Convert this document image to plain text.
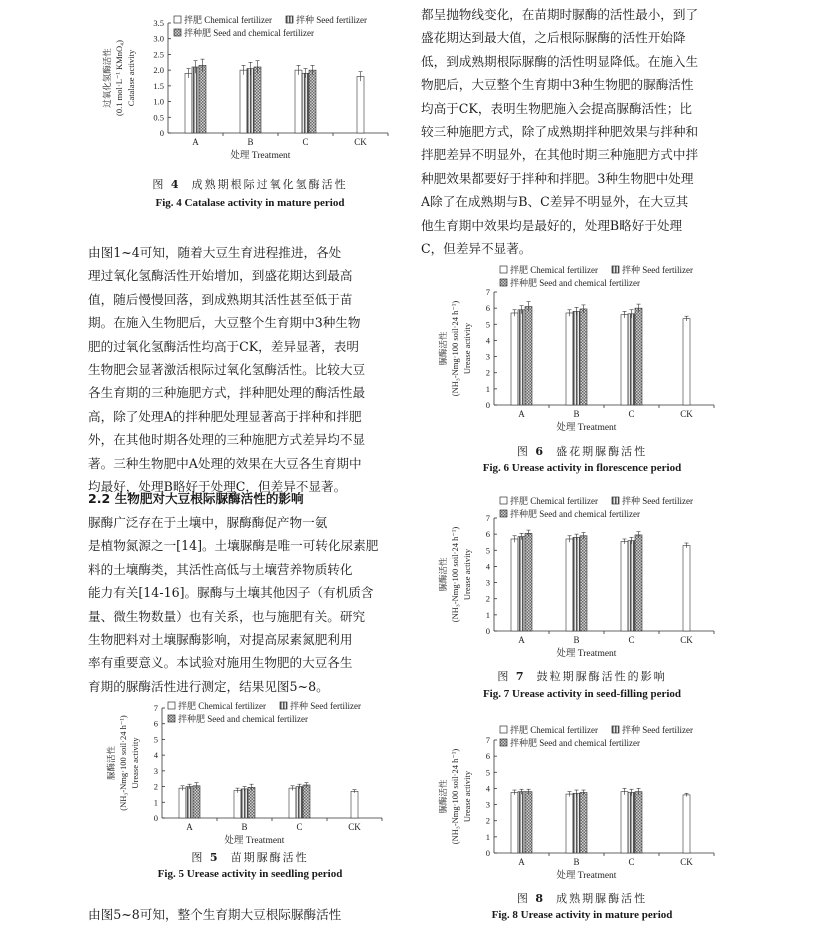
拌肥 Chemical fertilizer	拌种 Seed fertilizer
拌种肥 Seed and chemical fertilizer
0
0.5
1.0
1.5
2.0
2.5
3.0
3.5
A	B	C	CK
处理 Treatment
过氧化氢酶活性 (0.1 mol·L⁻¹ KMnO₄) Catalase activity
图 4 成熟期根际过氧化氢酶活性
Fig. 4 Catalase activity in mature period
由图1~4可知，随着大豆生育进程推进，各处
理过氧化氢酶活性开始增加，到盛花期达到最高
值，随后慢慢回落，到成熟期其活性甚至低于苗
期。在施入生物肥后，大豆整个生育期中3种生物
肥的过氧化氢酶活性均高于CK，差异显著，表明
生物肥会显著激活根际过氧化氢酶活性。比较大豆
各生育期的三种施肥方式，拌种肥处理的酶活性最
高，除了处理A的拌种肥处理显著高于拌种和拌肥
外，在其他时期各处理的三种施肥方式差异均不显
著。三种生物肥中A处理的效果在大豆各生育期中
均最好，处理B略好于处理C，但差异不显著。
2.2 生物肥对大豆根际脲酶活性的影响
脲酶广泛存在于土壤中，脲酶酶促产物一氨
是植物氮源之一[14]。土壤脲酶是唯一可转化尿素肥
料的土壤酶类，其活性高低与土壤营养物质转化
能力有关[14-16]。脲酶与土壤其他因子（有机质含
量、微生物数量）也有关系，也与施肥有关。研究
生物肥料对土壤脲酶影响，对提高尿素氮肥利用
率有重要意义。本试验对施用生物肥的大豆各生
育期的脲酶活性进行测定，结果见图5~8。
拌肥 Chemical fertilizer	拌种 Seed fertilizer
拌种肥 Seed and chemical fertilizer
0
1
2
3
4
5
6
7
A	B	C	CK
处理 Treatment
脲酶活性 (NH₃-Nmg·100 soil·24 h⁻¹) Urease activity
图 5 苗期脲酶活性
Fig. 5 Urease activity in seedling period
由图5~8可知，整个生育期大豆根际脲酶活性
都呈抛物线变化，在苗期时脲酶的活性最小，到了
盛花期达到最大值，之后根际脲酶的活性开始降
低，到成熟期根际脲酶的活性明显降低。在施入生
物肥后，大豆整个生育期中3种生物肥的脲酶活性
均高于CK，表明生物肥施入会提高脲酶活性；比
较三种施肥方式，除了成熟期拌种肥效果与拌种和
拌肥差异不明显外，在其他时期三种施肥方式中拌
种肥效果都要好于拌种和拌肥。3种生物肥中处理
A除了在成熟期与B、C差异不明显外，在大豆其
他生育期中效果均是最好的，处理B略好于处理
C，但差异不显著。
拌肥 Chemical fertilizer	拌种 Seed fertilizer
拌种肥 Seed and chemical fertilizer
0
1
2
3
4
5
6
7
A	B	C	CK
处理 Treatment
脲酶活性 (NH₃-Nmg·100 soil·24 h⁻¹) Urease activity
图 6 盛花期脲酶活性
Fig. 6 Urease activity in florescence period
拌肥 Chemical fertilizer	拌种 Seed fertilizer
拌种肥 Seed and chemical fertilizer
0
1
2
3
4
5
6
7
A	B	C	CK
处理 Treatment
脲酶活性 (NH₃-Nmg·100 soil·24 h⁻¹) Urease activity
图 7 鼓粒期脲酶活性的影响
Fig. 7 Urease activity in seed-filling period
拌肥 Chemical fertilizer	拌种 Seed fertilizer
拌种肥 Seed and chemical fertilizer
0
1
2
3
4
5
6
7
A	B	C	CK
处理 Treatment
脲酶活性 (NH₃-Nmg·100 soil·24 h⁻¹) Urease activity
图 8 成熟期脲酶活性
Fig. 8 Urease activity in mature period
